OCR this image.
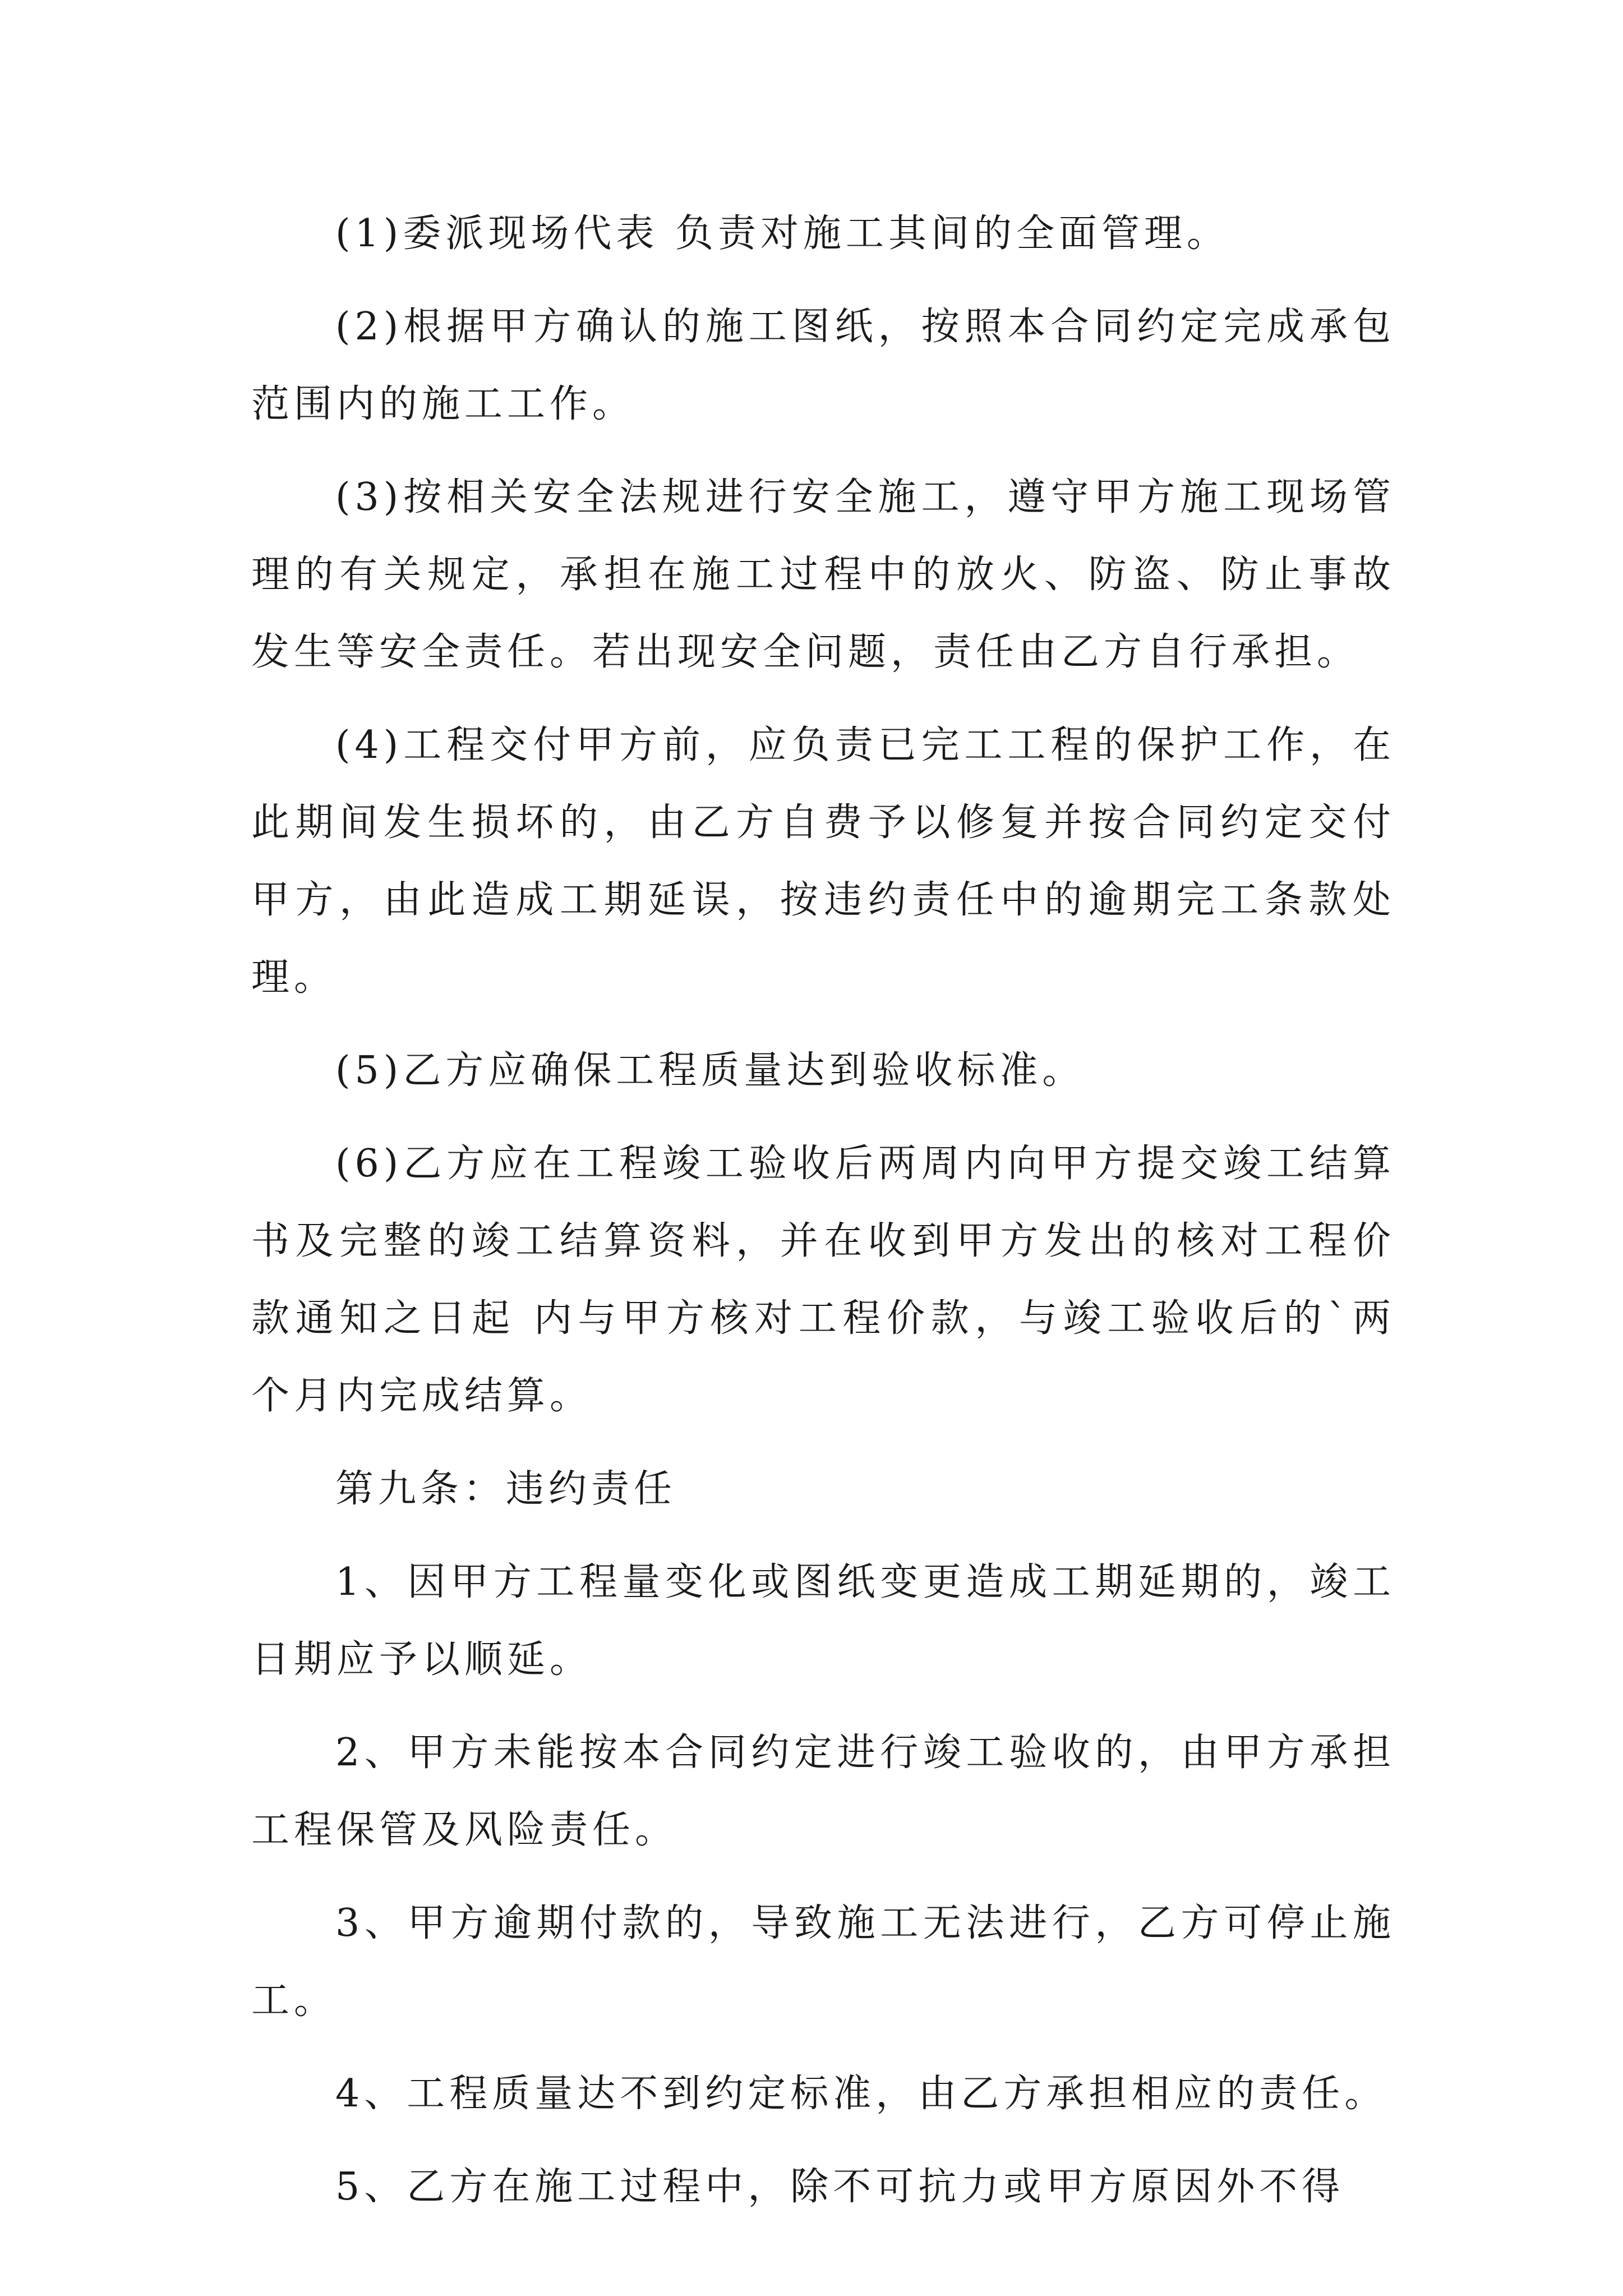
(1)委派现场代表 负责对施工其间的全面管理。

(2)根据甲方确认的施工图纸，按照本合同约定完成承包范围内的施工工作。

(3)按相关安全法规进行安全施工，遵守甲方施工现场管理的有关规定，承担在施工过程中的放火、防盗、防止事故发生等安全责任。若出现安全问题，责任由乙方自行承担。

(4)工程交付甲方前，应负责已完工工程的保护工作，在此期间发生损坏的，由乙方自费予以修复并按合同约定交付甲方，由此造成工期延误，按违约责任中的逾期完工条款处理。

(5)乙方应确保工程质量达到验收标准。

(6)乙方应在工程竣工验收后两周内向甲方提交竣工结算书及完整的竣工结算资料，并在收到甲方发出的核对工程价款通知之日起 内与甲方核对工程价款，与竣工验收后的`两个月内完成结算。

第九条：违约责任

1、因甲方工程量变化或图纸变更造成工期延期的，竣工日期应予以顺延。

2、甲方未能按本合同约定进行竣工验收的，由甲方承担工程保管及风险责任。

3、甲方逾期付款的，导致施工无法进行，乙方可停止施工。

4、工程质量达不到约定标准，由乙方承担相应的责任。

5、乙方在施工过程中，除不可抗力或甲方原因外不得
